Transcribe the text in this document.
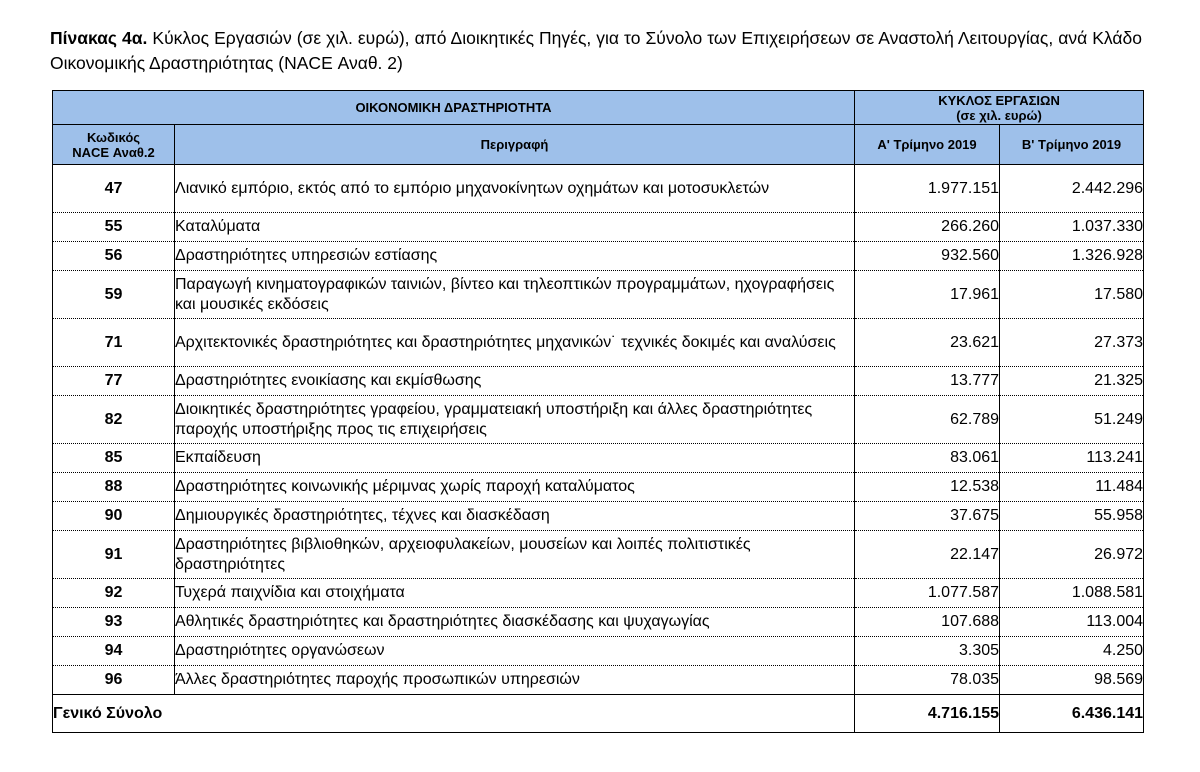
Πίνακας 4α. Κύκλος Εργασιών (σε χιλ. ευρώ), από Διοικητικές Πηγές, για το Σύνολο των Επιχειρήσεων σε Αναστολή Λειτουργίας, ανά Κλάδο Οικονομικής Δραστηριότητας (NACE Αναθ. 2)
ΟΙΚΟΝΟΜΙΚΗ ΔΡΑΣΤΗΡΙΟΤΗΤΑ		ΚΥΚΛΟΣ ΕΡΓΑΣΙΩΝ
(σε χιλ. ευρώ)	

Κωδικός
NACE Αναθ.2	Περιγραφή	Α' Τρίμηνο 2019	Β' Τρίμηνο 2019
47	Λιανικό εμπόριο, εκτός από το εμπόριο μηχανοκίνητων οχημάτων και μοτοσυκλετών	1.977.151	2.442.296
55	Καταλύματα	266.260	1.037.330
56	Δραστηριότητες υπηρεσιών εστίασης	932.560	1.326.928
59	Παραγωγή κινηματογραφικών ταινιών, βίντεο και τηλεοπτικών προγραμμάτων, ηχογραφήσεις και μουσικές εκδόσεις	17.961	17.580
71	Αρχιτεκτονικές δραστηριότητες και δραστηριότητες μηχανικών˙ τεχνικές δοκιμές και αναλύσεις	23.621	27.373
77	Δραστηριότητες ενοικίασης και εκμίσθωσης	13.777	21.325
82	Διοικητικές δραστηριότητες γραφείου, γραμματειακή υποστήριξη και άλλες δραστηριότητες παροχής υποστήριξης προς τις επιχειρήσεις	62.789	51.249
85	Εκπαίδευση	83.061	113.241
88	Δραστηριότητες κοινωνικής μέριμνας χωρίς παροχή καταλύματος	12.538	11.484
90	Δημιουργικές δραστηριότητες, τέχνες και διασκέδαση	37.675	55.958
91	Δραστηριότητες βιβλιοθηκών, αρχειοφυλακείων, μουσείων και λοιπές πολιτιστικές δραστηριότητες	22.147	26.972
92	Τυχερά παιχνίδια και στοιχήματα	1.077.587	1.088.581
93	Αθλητικές δραστηριότητες και δραστηριότητες διασκέδασης και ψυχαγωγίας	107.688	113.004
94	Δραστηριότητες οργανώσεων	3.305	4.250
96	Άλλες δραστηριότητες παροχής προσωπικών υπηρεσιών	78.035	98.569
Γενικό Σύνολο		4.716.155	6.436.141
